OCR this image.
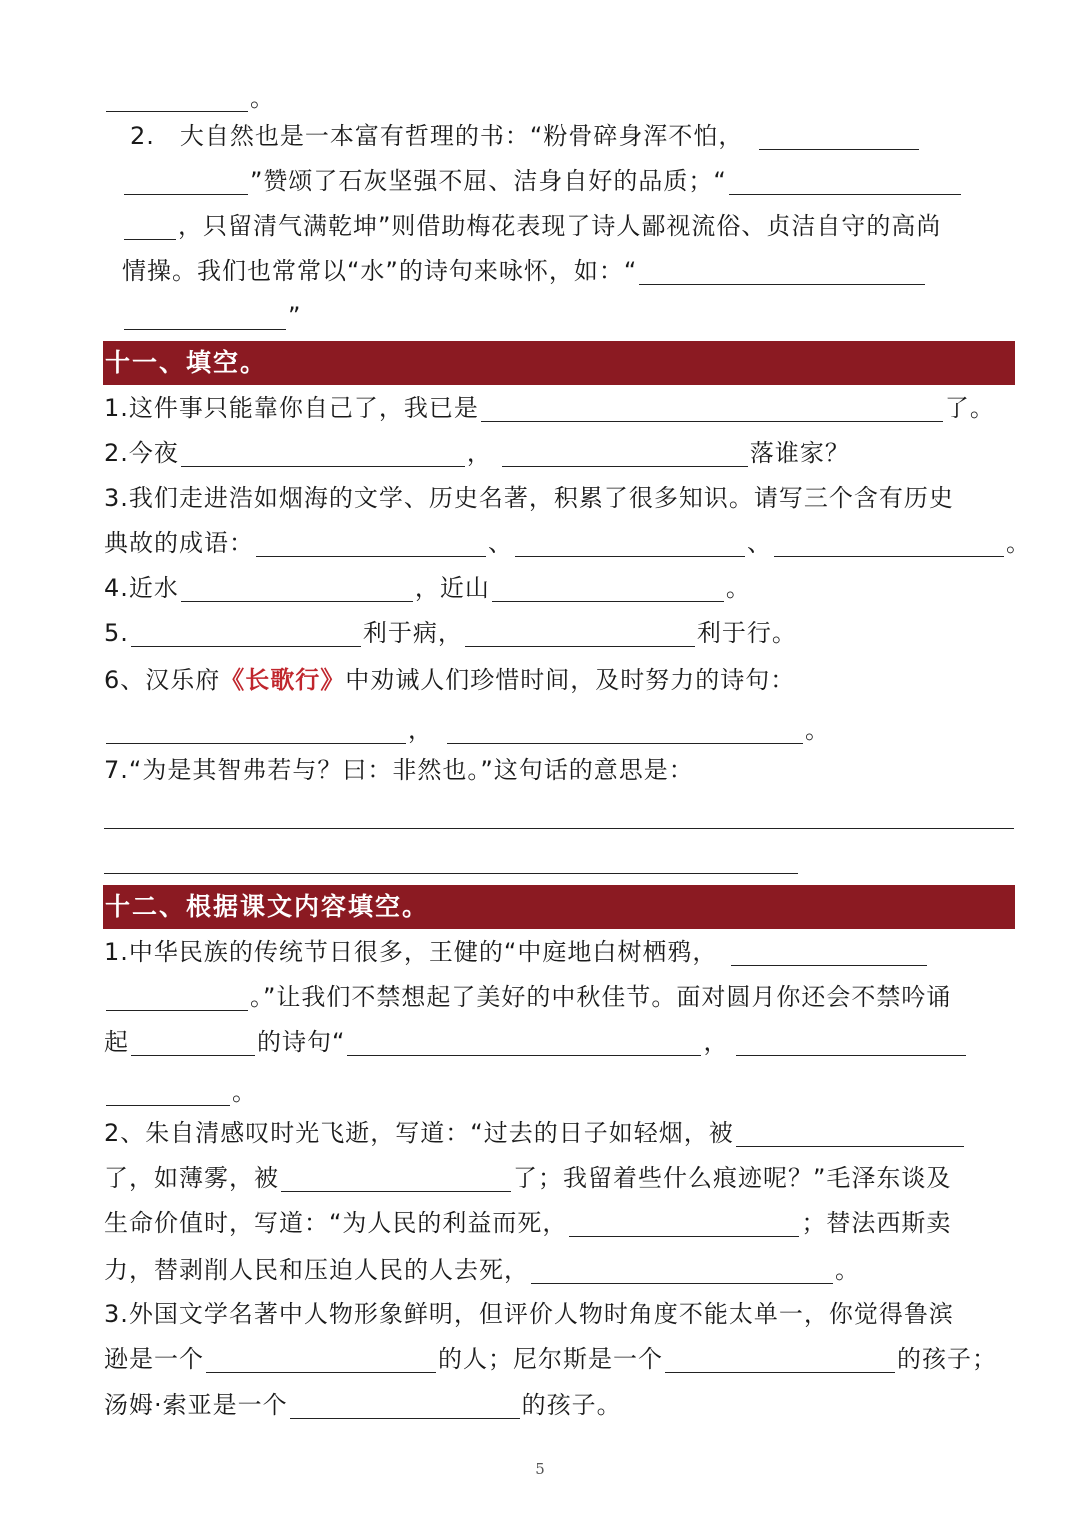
。
2.　大自然也是一本富有哲理的书：“粉骨碎身浑不怕，
”赞颂了石灰坚强不屈、洁身自好的品质；“
，只留清气满乾坤”则借助梅花表现了诗人鄙视流俗、贞洁自守的高尚
情操。我们也常常以“水”的诗句来咏怀，如：“
”
十一、填空。
1.这件事只能靠你自己了，我已是	了。
2.今夜	，	落谁家？
3.我们走进浩如烟海的文学、历史名著，积累了很多知识。请写三个含有历史
典故的成语：	、	、	。
4.近水	，近山	。
5.	利于病，	利于行。
6、汉乐府《长歌行》中劝诫人们珍惜时间，及时努力的诗句：
，	。
7.“为是其智弗若与？曰：非然也。”这句话的意思是：
十二、根据课文内容填空。
1.中华民族的传统节日很多，王健的“中庭地白树栖鸦，
。”让我们不禁想起了美好的中秋佳节。面对圆月你还会不禁吟诵
起	的诗句“	，
。
2、朱自清感叹时光飞逝，写道：“过去的日子如轻烟，被
了，如薄雾，被	了；我留着些什么痕迹呢？”毛泽东谈及
生命价值时，写道：“为人民的利益而死，	；替法西斯卖
力，替剥削人民和压迫人民的人去死，	。
3.外国文学名著中人物形象鲜明，但评价人物时角度不能太单一，你觉得鲁滨
逊是一个	的人；尼尔斯是一个	的孩子；
汤姆·索亚是一个	的孩子。
5
